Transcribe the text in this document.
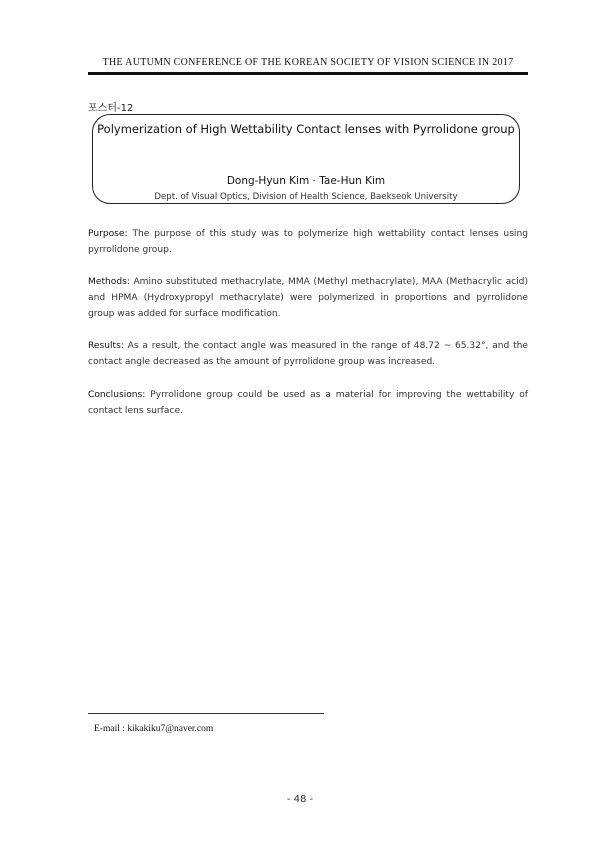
THE AUTUMN CONFERENCE OF THE KOREAN SOCIETY OF VISION SCIENCE IN 2017
포스터-12
Polymerization of High Wettability Contact lenses with Pyrrolidone group
Dong-Hyun Kim · Tae-Hun Kim
Dept. of Visual Optics, Division of Health Science, Baekseok University
Purpose: The purpose of this study was to polymerize high wettability contact lenses using pyrrolidone group.
Methods: Amino substituted methacrylate, MMA (Methyl methacrylate), MAA (Methacrylic acid) and HPMA (Hydroxypropyl methacrylate) were polymerized in proportions and pyrrolidone group was added for surface modification.
Results: As a result, the contact angle was measured in the range of 48.72 ~ 65.32°, and the contact angle decreased as the amount of pyrrolidone group was increased.
Conclusions: Pyrrolidone group could be used as a material for improving the wettability of contact lens surface.
E-mail : kikakiku7@naver.com
- 48 -
